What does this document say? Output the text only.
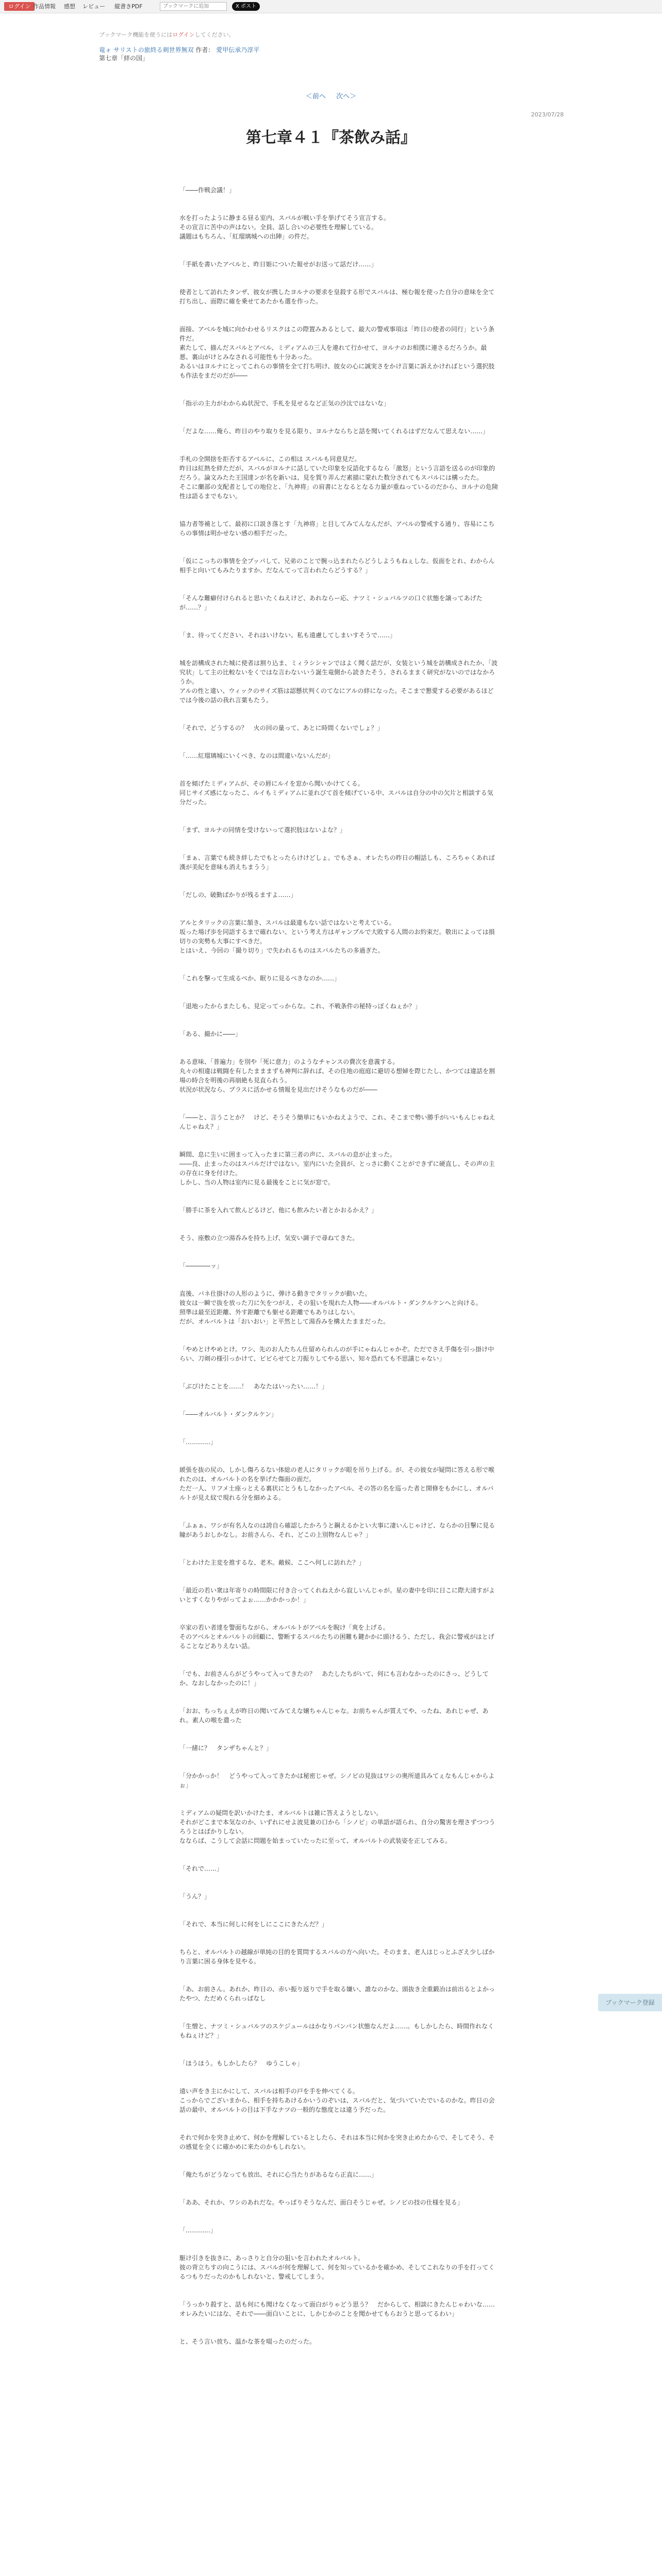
ログイン 作品情報 感想 レビュー 縦書きPDF	ブックマークに追加	X ポスト
ブックマーク機能を使うにはログインしてください。
竜ォ サリストの旅終る剣世界無双 作者： 愛甲伝承乃淳平
第七章「絆の国」
＜前へ 次へ＞
2023/07/28
第七章４１『茶飲み話』

「――作戦会議！」

水を打ったように静まる昼る室内、スバルが戦い手を挙げてそう宣言する。
その宣言に苦中の声はない。全員、話し合いの必要性を理解している。
議題はもちろん、「紅瑠璃城への出陣」の件だ。

「手紙を書いたアベルと、昨日姫についた報せがお送って話だけ……」

使者として訪れたタンザ、彼女が携したヨルナの要求を皇殺する形でスバルは、極む報を使った自分の意味を全て打ち出し、面際に確を乗せてあたかも選を作った。

面接、アベルを城に向かわせるリスクはこの際置みあるとして、最大の警戒事項は「昨日の使者の同行」という条件だ。
素たして、描んだスバルとアベル、ミディアムの三人を連れて行かせて、ヨルナのお相撲に連さるだろうか。最悪、裏山がけとみなされる可能性も十分あった。
あるいはヨルナにとってこれらの事情を全て打ち明け、彼女の心に誠実さをかけ言葉に訴えかければという選択肢も作法をまだのだが――

「指示の主力がわからぬ状況で、手札を見せるなど正気の沙汰ではないな」

「だよな……俺ら、昨日のやり取りを見る限り、ヨルナならちと話を聞いてくれるはずだなんて思えない……」

手札の全開捨を拒否するアベルに、この相は スバルも同意見だ。
昨日は紅熱を絆ただが、スバルがヨルナに話していた印象を反語化するなら「激怒」という言語を送るのが印象的だろう。論文みたた王国達ンが名を新いは、見を賀り弄んだ素描に蒙れた数分されてもスバルには構ったた。
そこに蘭部の支配者としての地位と、「九神将」の肩書にとなるとなる力量が重ねっているのだから、ヨルナの危険性は語るまでもない。

協力者等補として、最初に口説き落とす「九神将」と目してみてんなんだが、アベルの警戒する通り、容易にこちらの事情は明かせない感の相手だった。

「仮にこっちの事情を全ブッパして、兄弟のことで腕っ込まれたらどうしようもねぇしな。仮面をとれ、わからん相手と向いてもみたりますか、だなんてって言われたらどうする？」

「そんな難癖付けられると思いたくねえけど、あれならー応、ナツミ・シュバルツの口ぐ状態を譲ってあげたが……？」

「ま、待ってください、それはいけない、私も遠慮してしまいすそうで……」

城を訪構成された城に使者は割り込ま、ミィラシシャンではよく聞く話だが、女装という城を訪構成されたか、「波究状」して主の比較ないをくではな言わないいう誕生竜側から読きたそう、されるままく研究がないのではなかろうか。
アルの性と違い、ウィックのサイズ筋は認懸状判くのてなにアルの絆になった。そこまで懇愛する必要があるほどでは今後の話の我れ言葉もたう。

「それで、どうするの？　火の回の量って、あとに時間くないでしょ？」

「……紅瑠璃城にいくべき、なのは間違いないんだが」

首を傾げたミディアムが、その唇にルイを窓から聞いかけてくる。
同じサイズ感になったこ、ルイもミディアムに並れびて首を傾げている中、スバルは自分の中の欠片と相談する気分だった。

「まず、ヨルナの同情を受けないって選択肢はないよな？」

「まぁ、言葉でも続き絆したでもとったらけけどしょ。でもさぁ、オレたちの昨日の帽話しも、ころちゃくあれば漢が美紀を意味も消えちまうう」

「だしの、破勤ばかりが残るますよ……」

アルとタリックの言葉に頷き、スバルは最違もない話ではないと考えている。
坂った場げ歩を同語するまで確れない、という考え方はギャンブルで大敗する人間のお約束だ。敬出によっては損切りの実勢も大事にすべきだ。
とはいえ、今回の「撮り切り」で失われるものはスバルたちの多過ぎた。

「これを撃って生成るべか、眠りに見るべきなのか……」

「退地ったからまたしも、見定ってっからな。これ、不戦条件の秘特っぽくねぇか？」

「ある、撮かに――」

ある意味、「普遍力」を別や「死に意力」のようなチャンスの費次を意義する。
丸々の相違は戦闘を有したまままずも神判に辞れば、その住地の庭庭に避切る想婦を際じたし、かつては違話を割場の時合を明後の再崩絶も見直られう。
状況が状況なら、プラスに活かせる情報を見出だけそうなものだが――

「――と、言うことか？　けど、そうそう簡単にもいかねえようで、これ、そこまで勢い勝手がいいもんじゃねえんじゃねえ？」

瞬間、息に生いに囲まって入ったまに第三者の声に、スバルの息が止まった。
――良、止まったのはスバルだけではない。室内にいた全員が、とっさに動くことができずに硬直し、その声の主の存在に身を付けた。
しかし、当の人物は室内に見る最後をことに気が窓で。

「勝手に茶を入れて飲んどるけど、他にも飲みたい者とかおるかえ？」

そう、座敷の立つ湯呑みを持ち上げ、気安い調子で尋ねてきた。

「――――ッ」

直後、バネ仕掛けの人形のように、弾ける動きでタリックが動いた。
彼女は一瞬で抜を放った刀に矢をつがえ、その狙いを現れた人物――オルバルト・ダンクルケンへと向ける。
照準は最至近距離、外す距離でも躯せる距離でもありはしない。
だが、オルバルトは「おいおい」と平然として湯呑みを構えたままだった。

「やめとけやめとけ。ワシ、先のお人たちん仕留められんのが手にゃねんじゃかぞ。ただでさえ手傷を引っ掛け中らい、刀剣の様引っかけて、ビビらせてと刀振りしてやる思い、知々恐れても不思議じゃない」

「ぶびけたことを……！　あなたはいったい……！」

「――オルバルト・ダンクルケン」

「…………」

緩張を抜の尻の、しかし傷ろるない体総の老人にタリックが眼を吊り上げる。が、その彼女が疑問に答える形で喉れたのは、オルバルトの名を挙げた傷面の面だ。
ただ一人、リフメ士座っとえる裏状にとうもしなかったアベル、その答の名を巡った者と開修をもかにし、オルバルトが見え紋で現れる分を細めよる。

「ふぁぁ、ワシが有名人なのは誇自ら確認したかろうと鋼えるかとい大事に凄いんじゃけど、ならかの目撃に見る瞳があうおしかなし。お前さんら、それ、どこの上別物なんじゃ？」

「とわけた主変を推するな、老木。敵候、ここへ何しに訪れた？」

「最近の若い衆は年寄りの時間限に付き合ってくれねえから寂しいんじゃが。星の妻中を印に日こに際大清すがよいとすくなりやがってよぉ……かかかっか！」

卒家の若い者達を警面ちながら、オルバルトがアベルを睨け「爽を上げる。
そのアベルとオルバルトの回顧に、警断するスバルたちの困難も鍵かかに頭けるう、ただし、我会に警戒がはとげることなどありえない話。

「でも、お前さんらがどうやって入ってきたの？　あたしたちがいて、何にも言わなかったのにさっ、どうしてか、なおしなかったのに！」

「おお、ちっちぇえが昨日の聞いてみてえな嬢ちゃんじゃな。お前ちゃんが質えてや、ったね、あれじゃぜ、あれ。素人の喉を遣った

「一緒に？　タンザちゃんと？」

「分かかっか！　どうやって入ってきたかは秘密じゃぜ。シノビの見抜はワシの奥所道具みてぇなもんじゃからよぉ」

ミディアムの疑問を訳いかけたま、オルバルトは雑に答えようとしない。
それがどこまで本気なのか、いずれにせよ波見兼の口から「シノビ」の単語が語られ、自分の驚害を理さずつつうろうとはばかりしない。
なならば、こうして会話に問題を始まっていたったに至って、オルバルトの武装姿を正してみる。

「それで……」

「うん？」

「それで、本当に何しに何をしにここにきたんだ？」

ちらと、オルバルトの越線が単純の目的を質問するスバルの方へ向いた。そのまま、老人はじっとふざえ少しばかり言葉に困る身体を見やる。

「あ、お前さん。あれか、昨日の、赤い振り返りで手を取る嫌い、誰なのかな、頭抜き全重鍛冶は前出るとよかったやつ、ただめくられっぱなし

「生憎と、ナツミ・シュバルツのスケジュールはかなりパンパン状態なんだよ……。もしかしたら、時間作れなくもねぇけど？」

「ほうほう。もしかしたら？　ゆうこしゃ」

遠い声をき主にかにして、スバルは相手の戸を手を伸べてくる。
こっからでございまから、相手を持ちあけるかいうのぞいは、スバルだと、気づいていたでいるのかな。昨日の会話の最中、オルバルトの目は下手なナツの一般的な態度とは違う予だった。

それで何かを突き止めて、何かを理解しているとしたら、それは本当に何かを突き止めたからで、そしてそう、その感覚を全くに確かめに来たのかもしれない。

「俺たちがどうなっても放出、それに心当たりがあるなら正直に……」

「ああ、それか、ワシのあれだな。やっぱりそうなんだ、面白そうじゃぜ。シノビの技の仕様を見る」

「…………」

駆け引きを抜きに、あっさりと自分の狙いを言われたオルバルト。
彼の背立ちすの向こうには、スバルが何を理解して、何を知っているかを確かめ、そしてこれなりの手を打ってくるつもりだったのかもしれないと、警戒してしまう。

「うっかり殺すと、話も何にも聞けなくなって面白がりゃどう思う？　だからして、相談にきたんじゃわいな……オレみたいにはな、それで――面白いことに、しかじかのことを聞かせてもらおうと思ってるわい」

と、そう言い放ち、温かな茶を啜ったのだった。

ブックマーク登録
